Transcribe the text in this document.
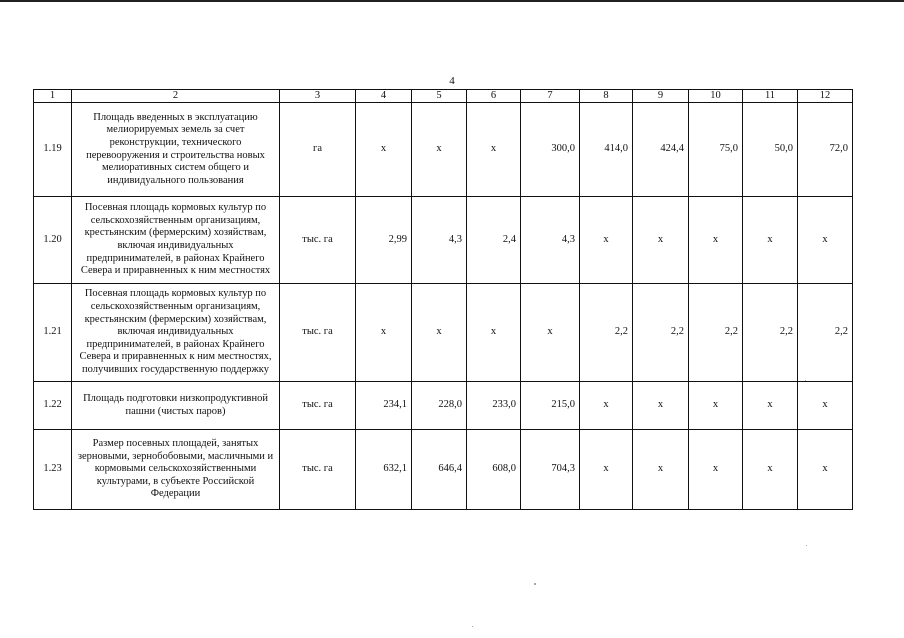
4
1	2	3	4	5	6	7	8	9	10	11	12
1.19	Площадь введенных в эксплуатацию мелиорируемых земель за счет реконструкции, технического перевооружения и строительства новых мелиоративных систем общего и индивидуального пользования	га	х	х	х	300,0	414,0	424,4	75,0	50,0	72,0
1.20	Посевная площадь кормовых культур по сельскохозяйственным организациям, крестьянским (фермерским) хозяйствам, включая индивидуальных предпринимателей, в районах Крайнего Севера и приравненных к ним местностях	тыс. га	2,99	4,3	2,4	4,3	х	х	х	х	х
1.21	Посевная площадь кормовых культур по сельскохозяйственным организациям, крестьянским (фермерским) хозяйствам, включая индивидуальных предпринимателей, в районах Крайнего Севера и приравненных к ним местностях, получивших государственную поддержку	тыс. га	х	х	х	х	2,2	2,2	2,2	2,2	2,2
1.22	Площадь подготовки низкопродуктивной пашни (чистых паров)	тыс. га	234,1	228,0	233,0	215,0	х	х	х	х	х
1.23	Размер посевных площадей, занятых зерновыми, зернобобовыми, масличными и кормовыми сельскохозяйственными культурами, в субъекте Российской Федерации	тыс. га	632,1	646,4	608,0	704,3	х	х	х	х	х
